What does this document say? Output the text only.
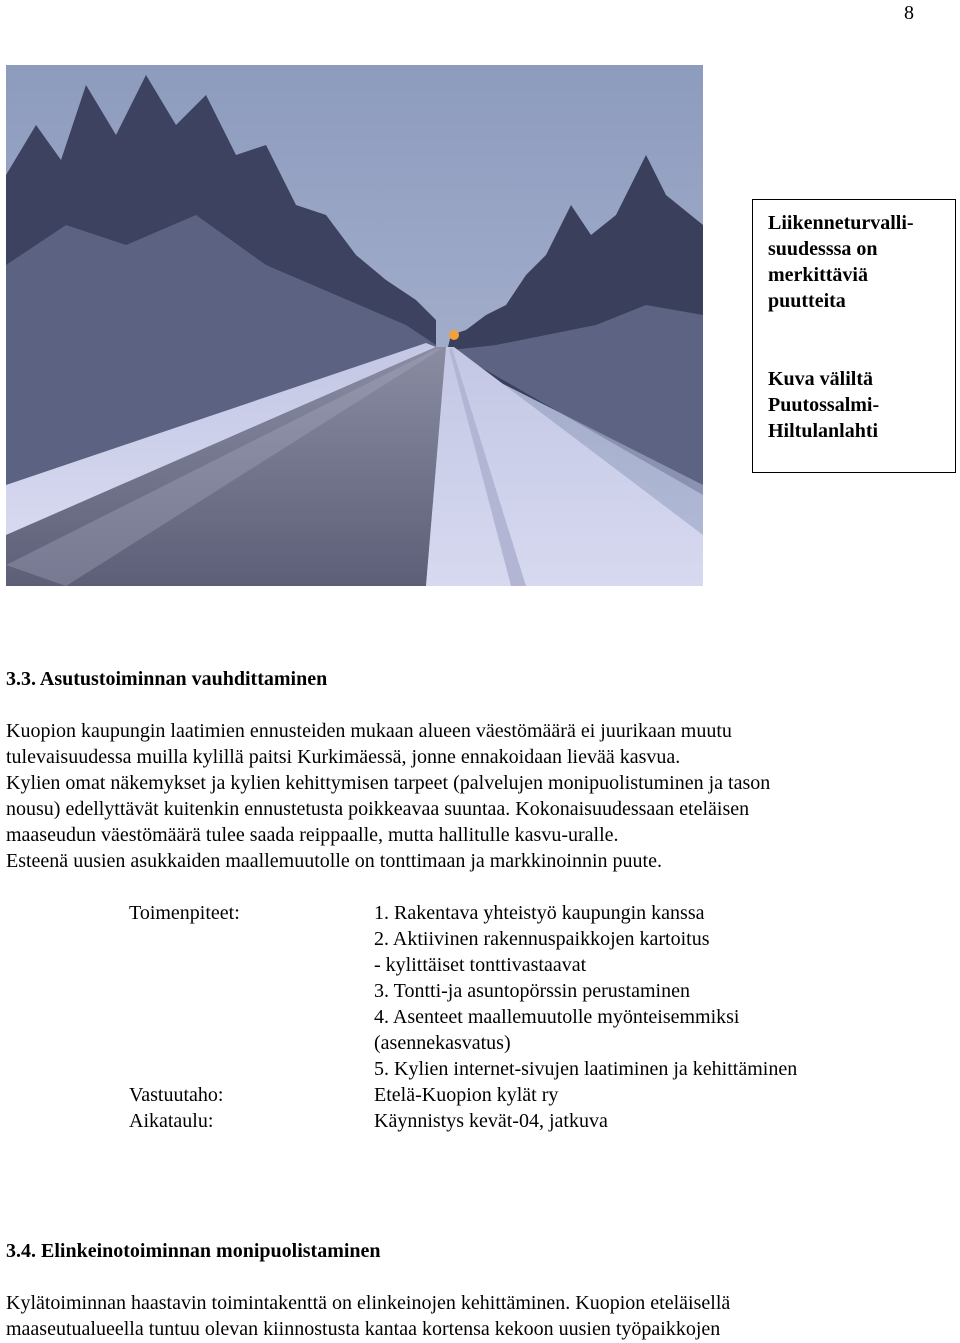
8

Liikenneturvalli-

suudesssa on

merkittäviä

puutteita

Kuva väliltä

Puutossalmi-

Hiltulanlahti

3.3. Asutustoiminnan vauhdittaminen
Kuopion kaupungin laatimien ennusteiden mukaan alueen väestömäärä ei juurikaan muutu
tulevaisuudessa muilla kylillä paitsi Kurkimäessä, jonne ennakoidaan lievää kasvua.
Kylien omat näkemykset ja kylien kehittymisen tarpeet (palvelujen monipuolistuminen ja tason
nousu) edellyttävät kuitenkin ennustetusta poikkeavaa suuntaa. Kokonaisuudessaan eteläisen
maaseudun väestömäärä tulee saada reippaalle, mutta hallitulle kasvu-uralle.
Esteenä uusien asukkaiden maallemuutolle on tonttimaan ja markkinoinnin puute.
Toimenpiteet:	1. Rakentava yhteistyö kaupungin kanssa
2. Aktiivinen rakennuspaikkojen kartoitus
- kylittäiset tonttivastaavat
3. Tontti-ja asuntopörssin perustaminen
4. Asenteet maallemuutolle myönteisemmiksi
(asennekasvatus)
5. Kylien internet-sivujen laatiminen ja kehittäminen
Vastuutaho:	Etelä-Kuopion kylät ry
Aikataulu:	Käynnistys kevät-04, jatkuva
3.4. Elinkeinotoiminnan monipuolistaminen
Kylätoiminnan haastavin toimintakenttä on elinkeinojen kehittäminen. Kuopion eteläisellä
maaseutualueella tuntuu olevan kiinnostusta kantaa kortensa kekoon uusien työpaikkojen
